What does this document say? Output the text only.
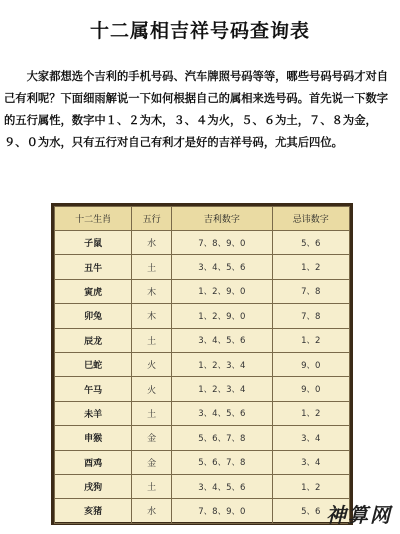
十二属相吉祥号码查询表
大家都想选个吉利的手机号码、汽车牌照号码等等，哪些号码号码才对自己有利呢？下面细雨解说一下如何根据自己的属相来选号码。首先说一下数字的五行属性，数字中１、２为木，３、４为火，５、６为土，７、８为金，９、０为水，只有五行对自己有利才是好的吉祥号码，尤其后四位。
十二生肖	五行	吉利数字	忌讳数字
子鼠	水	7、8、9、0	5、6
丑牛	土	3、4、5、6	1、2
寅虎	木	1、2、9、0	7、8
卯兔	木	1、2、9、0	7、8
辰龙	土	3、4、5、6	1、2
巳蛇	火	1、2、3、4	9、0
午马	火	1、2、3、4	9、0
未羊	土	3、4、5、6	1、2
申猴	金	5、6、7、8	3、4
酉鸡	金	5、6、7、8	3、4
戌狗	土	3、4、5、6	1、2
亥猪	水	7、8、9、0	5、6 神算网
